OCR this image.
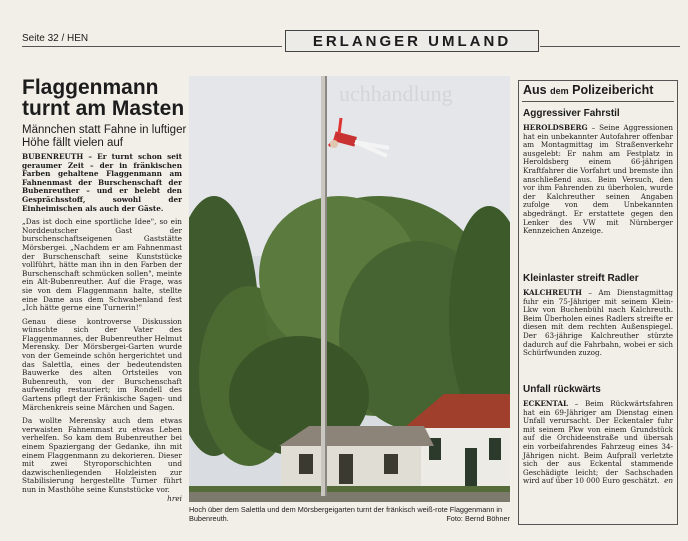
Seite 32 / HEN	ERLANGER UMLAND
Flaggenmann turnt am Masten
Männchen statt Fahne in luftiger Höhe fällt vielen auf

BUBENREUTH – Er turnt schon seit geraumer Zeit – der in fränkischen Farben gehaltene Flaggenmann am Fahnenmast der Burschenschaft der Bubenreuther – und er belebt den Gesprächsstoff, sowohl der Einheimischen als auch der Gäste.

„Das ist doch eine sportliche Idee", so ein Norddeutscher Gast der burschenschaftseigenen Gaststätte Mörsbergei. „Nachdem er am Fahnenmast der Burschenschaft seine Kunststücke vollführt, hätte man ihn in den Farben der Burschenschaft schmücken sollen", meinte ein Alt-Bubenreuther. Auf die Frage, was sie von dem Flaggenmann halte, stellte eine Dame aus dem Schwabenland fest „Ich hätte gerne eine Turnerin!"

Genau diese kontroverse Diskussion wünschte sich der Vater des Flaggenmannes, der Bubenreuther Helmut Merensky. Der Mörsbergei-Garten wurde von der Gemeinde schön hergerichtet und das Salettla, eines der bedeutendsten Bauwerke des alten Ortsteiles von Bubenreuth, von der Burschenschaft aufwendig restauriert; im Rondell des Gartens pflegt der Fränkische Sagen- und Märchenkreis seine Märchen und Sagen.

Da wollte Merensky auch dem etwas verwaisten Fahnenmast zu etwas Leben verhelfen. So kam dem Bubenreuther bei einem Spaziergang der Gedanke, ihn mit einem Flaggenmann zu dekorieren. Dieser mit zwei Styroporschichten und dazwischenliegenden Holzleisten zur Stabilisierung hergestellte Turner führt nun in Masthöhe seine Kunststücke vor.
hrei

uchhandlung
Hoch über dem Salettla und dem Mörsbergeigarten turnt der fränkisch weiß-rote Flaggenmann in Bubenreuth.	Foto: Bernd Böhner
Aus dem Polizeibericht
Aggressiver Fahrstil
HEROLDSBERG – Seine Aggressionen hat ein unbekannter Autofahrer offenbar am Montagmittag im Straßenverkehr ausgelebt: Er nahm am Festplatz in Heroldsberg einem 66-jährigen Kraftfahrer die Vorfahrt und bremste ihn anschließend aus. Beim Versuch, den vor ihm Fahrenden zu überholen, wurde der Kalchreuther seinen Angaben zufolge von dem Unbekannten abgedrängt. Er erstattete gegen den Lenker des VW mit Nürnberger Kennzeichen Anzeige.
Kleinlaster streift Radler
KALCHREUTH – Am Dienstagmittag fuhr ein 75-Jähriger mit seinem Klein-Lkw von Buchenbühl nach Kalchreuth. Beim Überholen eines Radlers streifte er diesen mit dem rechten Außenspiegel. Der 63-jährige Kalchreuther stürzte dadurch auf die Fahrbahn, wobei er sich Schürfwunden zuzog.
Unfall rückwärts
ECKENTAL – Beim Rückwärtsfahren hat ein 69-Jähriger am Dienstag einen Unfall verursacht. Der Eckentaler fuhr mit seinem Pkw von einem Grundstück auf die Orchideenstraße und übersah ein vorbeifahrendes Fahrzeug eines 34-Jährigen nicht. Beim Aufprall verletzte sich der aus Eckental stammende Geschädigte leicht; der Sachschaden wird auf über 10 000 Euro geschätzt. en
